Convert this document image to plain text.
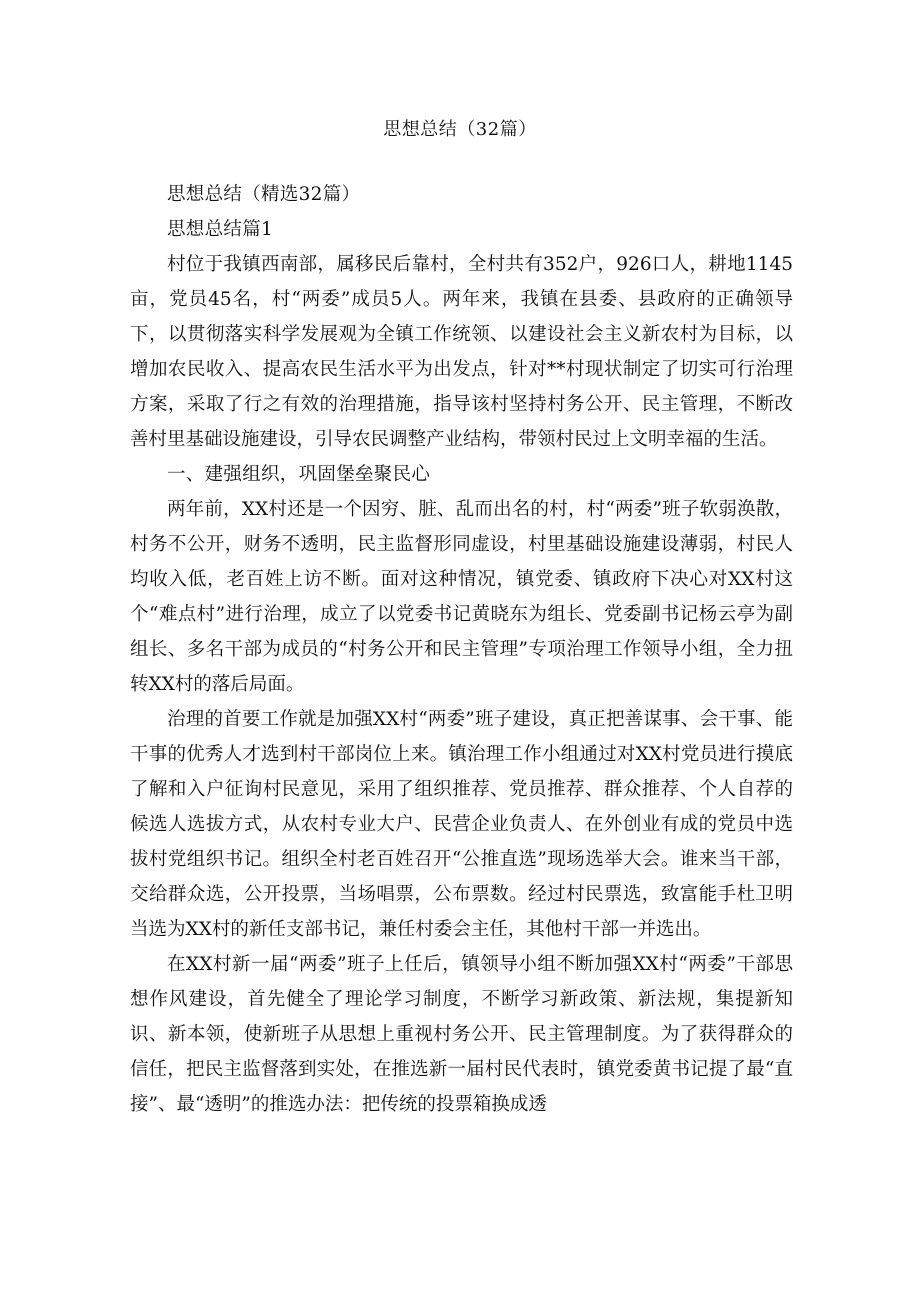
思想总结（32篇）

思想总结（精选32篇）

思想总结篇1

村位于我镇西南部，属移民后靠村，全村共有352户，926口人，耕地1145亩，党员45名，村“两委”成员5人。两年来，我镇在县委、县政府的正确领导下，以贯彻落实科学发展观为全镇工作统领、以建设社会主义新农村为目标，以增加农民收入、提高农民生活水平为出发点，针对**村现状制定了切实可行治理方案，采取了行之有效的治理措施，指导该村坚持村务公开、民主管理，不断改善村里基础设施建设，引导农民调整产业结构，带领村民过上文明幸福的生活。

一、建强组织，巩固堡垒聚民心

两年前，XX村还是一个因穷、脏、乱而出名的村，村“两委”班子软弱涣散，村务不公开，财务不透明，民主监督形同虚设，村里基础设施建设薄弱，村民人均收入低，老百姓上访不断。面对这种情况，镇党委、镇政府下决心对XX村这个“难点村”进行治理，成立了以党委书记黄晓东为组长、党委副书记杨云亭为副组长、多名干部为成员的“村务公开和民主管理”专项治理工作领导小组，全力扭转XX村的落后局面。

治理的首要工作就是加强XX村“两委”班子建设，真正把善谋事、会干事、能干事的优秀人才选到村干部岗位上来。镇治理工作小组通过对XX村党员进行摸底了解和入户征询村民意见，采用了组织推荐、党员推荐、群众推荐、个人自荐的候选人选拔方式，从农村专业大户、民营企业负责人、在外创业有成的党员中选拔村党组织书记。组织全村老百姓召开“公推直选”现场选举大会。谁来当干部，交给群众选，公开投票，当场唱票，公布票数。经过村民票选，致富能手杜卫明当选为XX村的新任支部书记，兼任村委会主任，其他村干部一并选出。

在XX村新一届“两委”班子上任后，镇领导小组不断加强XX村“两委”干部思想作风建设，首先健全了理论学习制度，不断学习新政策、新法规，集提新知识、新本领，使新班子从思想上重视村务公开、民主管理制度。为了获得群众的信任，把民主监督落到实处，在推选新一届村民代表时，镇党委黄书记提了最“直接”、最“透明”的推选办法：把传统的投票箱换成透
